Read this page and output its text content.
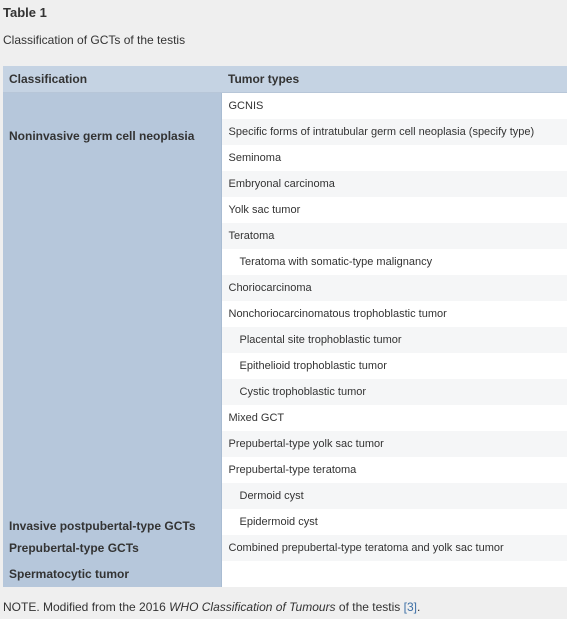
Table 1
Classification of GCTs of the testis
Classification	Tumor types
Noninvasive germ cell neoplasia	GCNIS
	Specific forms of intratubular germ cell neoplasia (specify type)
Invasive postpubertal-type GCTs	Seminoma
	Embryonal carcinoma
	Yolk sac tumor
	Teratoma
	Teratoma with somatic-type malignancy
	Choriocarcinoma
	Nonchoriocarcinomatous trophoblastic tumor
	Placental site trophoblastic tumor
	Epithelioid trophoblastic tumor
	Cystic trophoblastic tumor
	Mixed GCT
	Prepubertal-type yolk sac tumor
	Prepubertal-type teratoma
	Dermoid cyst
	Epidermoid cyst
Prepubertal-type GCTs	Combined prepubertal-type teratoma and yolk sac tumor
Spermatocytic tumor	
NOTE. Modified from the 2016 WHO Classification of Tumours of the testis [3].
